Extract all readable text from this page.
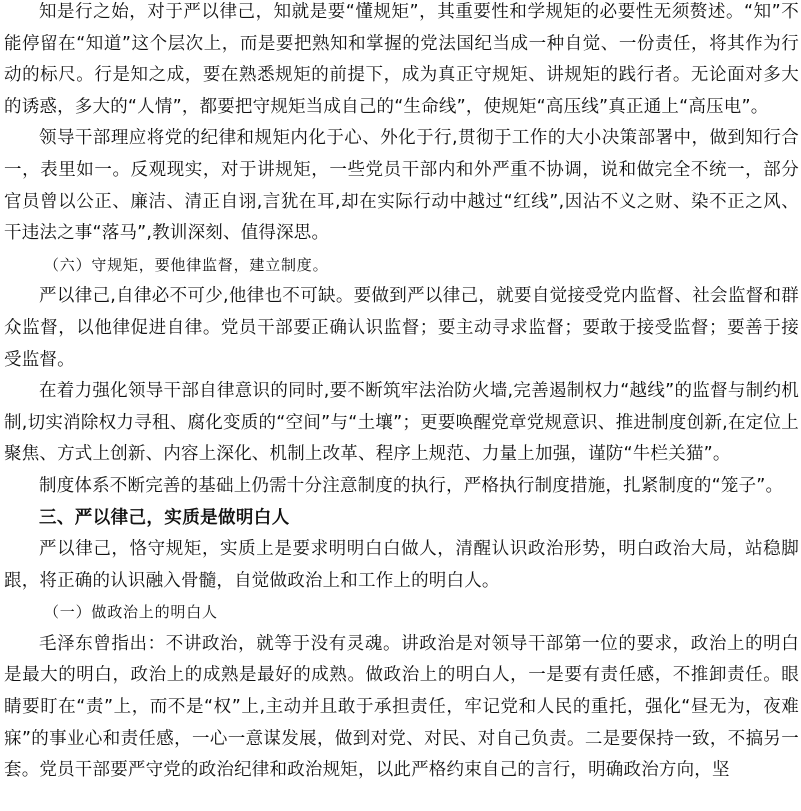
知是行之始，对于严以律己，知就是要“懂规矩”，其重要性和学规矩的必要性无须赘述。“知”不能停留在“知道”这个层次上，而是要把熟知和掌握的党法国纪当成一种自觉、一份责任，将其作为行动的标尺。行是知之成，要在熟悉规矩的前提下，成为真正守规矩、讲规矩的践行者。无论面对多大的诱惑，多大的“人情”，都要把守规矩当成自己的“生命线”，使规矩“高压线”真正通上“高压电”。

领导干部理应将党的纪律和规矩内化于心、外化于行,贯彻于工作的大小决策部署中，做到知行合一，表里如一。反观现实，对于讲规矩，一些党员干部内和外严重不协调，说和做完全不统一，部分官员曾以公正、廉洁、清正自诩,言犹在耳,却在实际行动中越过“红线”,因沾不义之财、染不正之风、干违法之事“落马”,教训深刻、值得深思。

（六）守规矩，要他律监督，建立制度。

严以律己,自律必不可少,他律也不可缺。要做到严以律己，就要自觉接受党内监督、社会监督和群众监督，以他律促进自律。党员干部要正确认识监督；要主动寻求监督；要敢于接受监督；要善于接受监督。

在着力强化领导干部自律意识的同时,要不断筑牢法治防火墙,完善遏制权力“越线”的监督与制约机制,切实消除权力寻租、腐化变质的“空间”与“土壤”；更要唤醒党章党规意识、推进制度创新,在定位上聚焦、方式上创新、内容上深化、机制上改革、程序上规范、力量上加强，谨防“牛栏关猫”。

制度体系不断完善的基础上仍需十分注意制度的执行，严格执行制度措施，扎紧制度的“笼子”。

三、严以律己，实质是做明白人

严以律己，恪守规矩，实质上是要求明明白白做人，清醒认识政治形势，明白政治大局，站稳脚跟，将正确的认识融入骨髓，自觉做政治上和工作上的明白人。

（一）做政治上的明白人

毛泽东曾指出：不讲政治，就等于没有灵魂。讲政治是对领导干部第一位的要求，政治上的明白是最大的明白，政治上的成熟是最好的成熟。做政治上的明白人，一是要有责任感，不推卸责任。眼睛要盯在“责”上，而不是“权”上,主动并且敢于承担责任，牢记党和人民的重托，强化“昼无为，夜难寐”的事业心和责任感，一心一意谋发展，做到对党、对民、对自己负责。二是要保持一致，不搞另一套。党员干部要严守党的政治纪律和政治规矩，以此严格约束自己的言行，明确政治方向，坚
